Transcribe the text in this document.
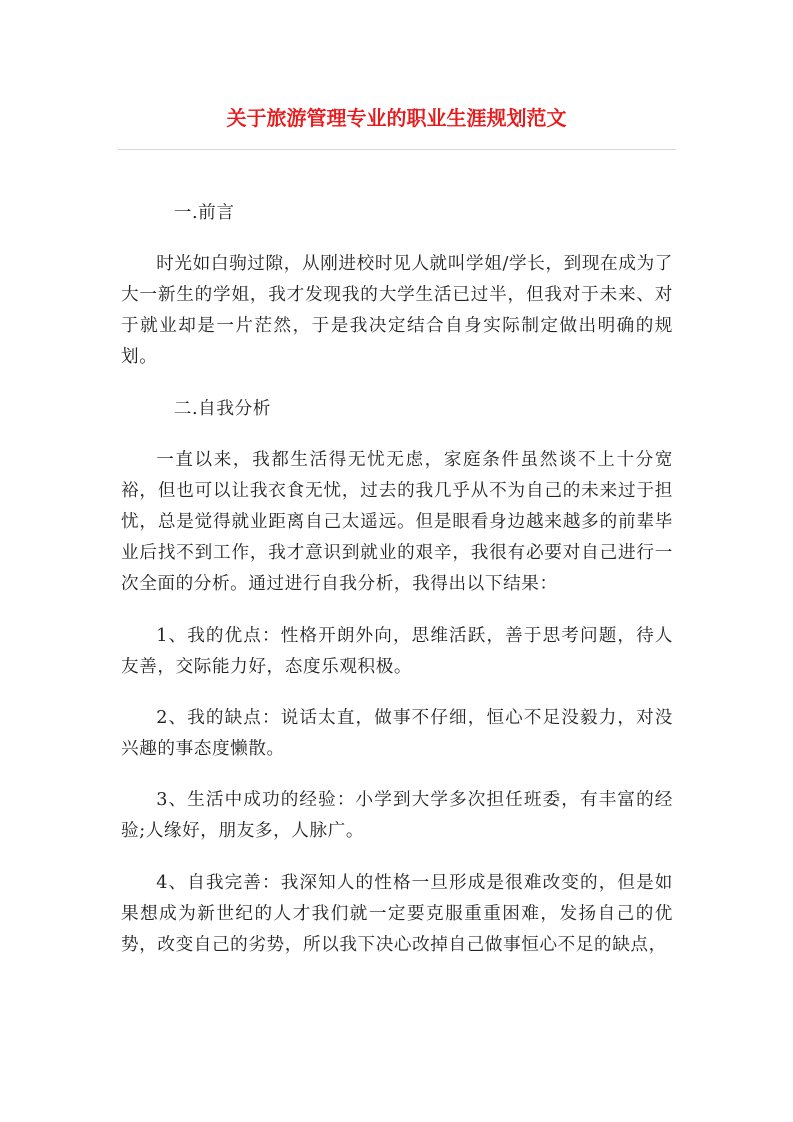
关于旅游管理专业的职业生涯规划范文

一.前言

时光如白驹过隙，从刚进校时见人就叫学姐/学长，到现在成为了大一新生的学姐，我才发现我的大学生活已过半，但我对于未来、对于就业却是一片茫然，于是我决定结合自身实际制定做出明确的规划。

二.自我分析

一直以来，我都生活得无忧无虑，家庭条件虽然谈不上十分宽裕，但也可以让我衣食无忧，过去的我几乎从不为自己的未来过于担忧，总是觉得就业距离自己太遥远。但是眼看身边越来越多的前辈毕业后找不到工作，我才意识到就业的艰辛，我很有必要对自己进行一次全面的分析。通过进行自我分析，我得出以下结果：

1、我的优点：性格开朗外向，思维活跃，善于思考问题，待人友善，交际能力好，态度乐观积极。

2、我的缺点：说话太直，做事不仔细，恒心不足没毅力，对没兴趣的事态度懒散。

3、生活中成功的经验：小学到大学多次担任班委，有丰富的经验;人缘好，朋友多，人脉广。

4、自我完善：我深知人的性格一旦形成是很难改变的，但是如果想成为新世纪的人才我们就一定要克服重重困难，发扬自己的优势，改变自己的劣势，所以我下决心改掉自己做事恒心不足的缺点，
